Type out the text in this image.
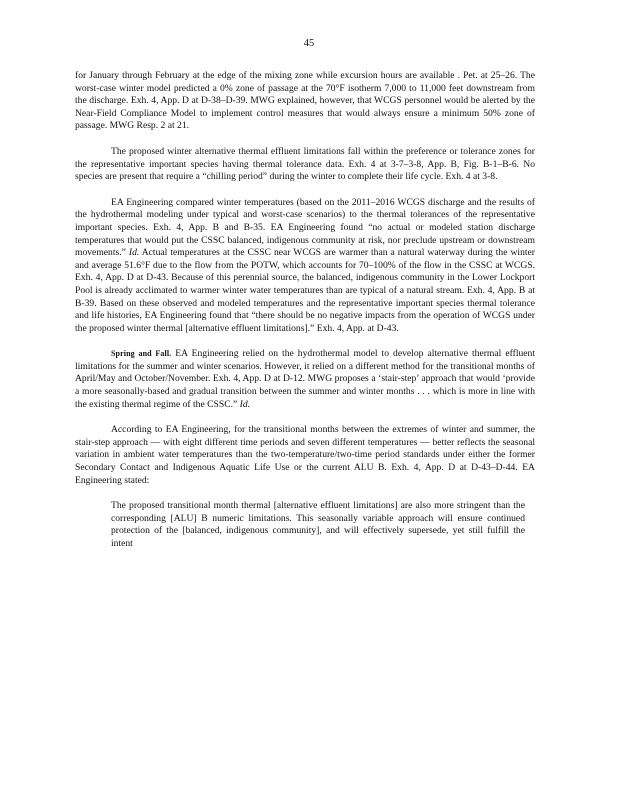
45

for January through February at the edge of the mixing zone while excursion hours are available . Pet. at 25–26. The worst-case winter model predicted a 0% zone of passage at the 70°F isotherm 7,000 to 11,000 feet downstream from the discharge. Exh. 4, App. D at D-38–D-39. MWG explained, however, that WCGS personnel would be alerted by the Near-Field Compliance Model to implement control measures that would always ensure a minimum 50% zone of passage. MWG Resp. 2 at 21.

The proposed winter alternative thermal effluent limitations fall within the preference or tolerance zones for the representative important species having thermal tolerance data. Exh. 4 at 3-7–3-8, App. B, Fig. B-1–B-6. No species are present that require a “chilling period” during the winter to complete their life cycle. Exh. 4 at 3-8.

EA Engineering compared winter temperatures (based on the 2011–2016 WCGS discharge and the results of the hydrothermal modeling under typical and worst-case scenarios) to the thermal tolerances of the representative important species. Exh. 4, App. B and B-35. EA Engineering found “no actual or modeled station discharge temperatures that would put the CSSC balanced, indigenous community at risk, nor preclude upstream or downstream movements.” Id. Actual temperatures at the CSSC near WCGS are warmer than a natural waterway during the winter and average 51.6°F due to the flow from the POTW, which accounts for 70–100% of the flow in the CSSC at WCGS. Exh. 4, App. D at D-43. Because of this perennial source, the balanced, indigenous community in the Lower Lockport Pool is already acclimated to warmer winter water temperatures than are typical of a natural stream. Exh. 4, App. B at B-39. Based on these observed and modeled temperatures and the representative important species thermal tolerance and life histories, EA Engineering found that “there should be no negative impacts from the operation of WCGS under the proposed winter thermal [alternative effluent limitations].” Exh. 4, App. at D-43.

Spring and Fall. EA Engineering relied on the hydrothermal model to develop alternative thermal effluent limitations for the summer and winter scenarios. However, it relied on a different method for the transitional months of April/May and October/November. Exh. 4, App. D at D-12. MWG proposes a ‘stair-step’ approach that would ‘provide a more seasonally-based and gradual transition between the summer and winter months . . . which is more in line with the existing thermal regime of the CSSC.” Id.

According to EA Engineering, for the transitional months between the extremes of winter and summer, the stair-step approach — with eight different time periods and seven different temperatures — better reflects the seasonal variation in ambient water temperatures than the two-temperature/two-time period standards under either the former Secondary Contact and Indigenous Aquatic Life Use or the current ALU B. Exh. 4, App. D at D-43–D-44. EA Engineering stated:

The proposed transitional month thermal [alternative effluent limitations] are also more stringent than the corresponding [ALU] B numeric limitations. This seasonally variable approach will ensure continued protection of the [balanced, indigenous community], and will effectively supersede, yet still fulfill the intent
